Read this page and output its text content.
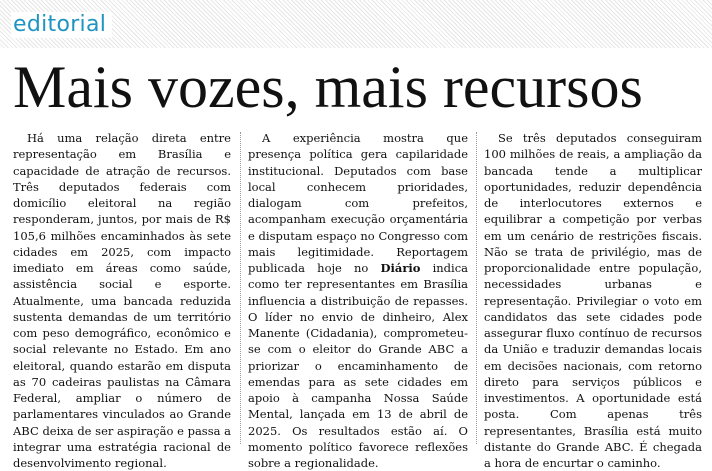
editorial
Mais vozes, mais recursos

Há uma relação direta entre representação em Brasília e capacidade de atração de recursos. Três deputados federais com domicílio eleitoral na região responderam, juntos, por mais de R$ 105,6 milhões encaminhados às sete cidades em 2025, com impacto imediato em áreas como saúde, assistência social e esporte. Atualmente, uma bancada reduzida sustenta demandas de um território com peso demográfico, econômico e social relevante no Estado. Em ano eleitoral, quando estarão em disputa as 70 cadeiras paulistas na Câmara Federal, ampliar o número de parlamentares vinculados ao Grande ABC deixa de ser aspiração e passa a integrar uma estratégia racional de desenvolvimento regional.

A experiência mostra que presença política gera capilaridade institucional. Deputados com base local conhecem prioridades, dialogam com prefeitos, acompanham execução orçamentária e disputam espaço no Congresso com mais legitimidade. Reportagem publicada hoje no Diário indica como ter representantes em Brasília influencia a distribuição de repasses. O líder no envio de dinheiro, Alex Manente (Cidadania), comprometeu-se com o eleitor do Grande ABC a priorizar o encaminhamento de emendas para as sete cidades em apoio à campanha Nossa Saúde Mental, lançada em 13 de abril de 2025. Os resultados estão aí. O momento político favorece reflexões sobre a regionalidade.

Se três deputados conseguiram 100 milhões de reais, a ampliação da bancada tende a multiplicar oportunidades, reduzir dependência de interlocutores externos e equilibrar a competição por verbas em um cenário de restrições fiscais. Não se trata de privilégio, mas de proporcionalidade entre população, necessidades urbanas e representação. Privilegiar o voto em candidatos das sete cidades pode assegurar fluxo contínuo de recursos da União e traduzir demandas locais em decisões nacionais, com retorno direto para serviços públicos e investimentos. A oportunidade está posta. Com apenas três representantes, Brasília está muito distante do Grande ABC. É chegada a hora de encurtar o caminho.
